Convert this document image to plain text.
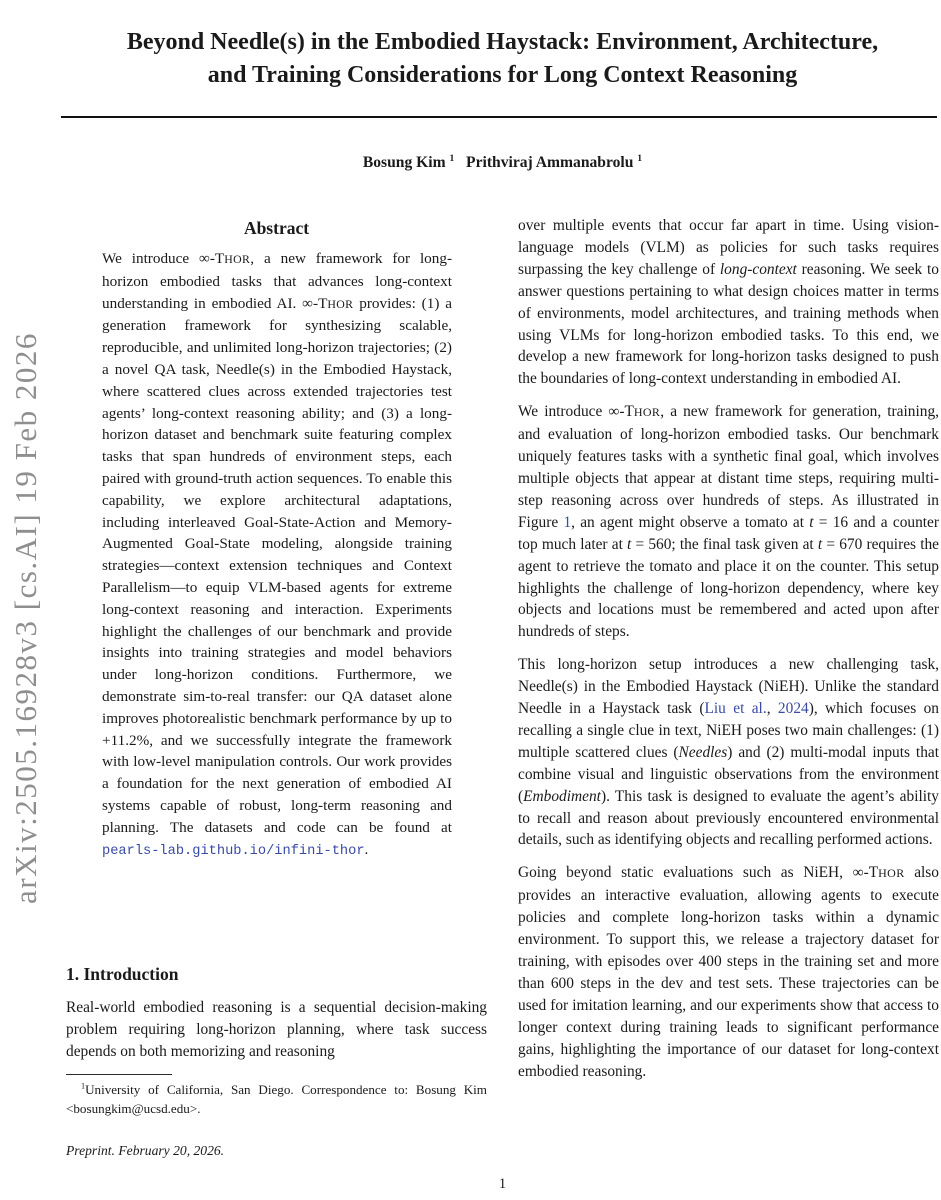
arXiv:2505.16928v3 [cs.AI] 19 Feb 2026
Beyond Needle(s) in the Embodied Haystack: Environment, Architecture,
and Training Considerations for Long Context Reasoning
Bosung Kim $^1$  Prithviraj Ammanabrolu $^1$
Abstract

We introduce ∞-THOR, a new framework for long-horizon embodied tasks that advances long-context understanding in embodied AI. ∞-THOR provides: (1) a generation framework for synthesizing scalable, reproducible, and unlimited long-horizon trajectories; (2) a novel QA task, Needle(s) in the Embodied Haystack, where scattered clues across extended trajectories test agents’ long-context reasoning ability; and (3) a long-horizon dataset and benchmark suite featuring complex tasks that span hundreds of environment steps, each paired with ground-truth action sequences. To enable this capability, we explore architectural adaptations, including interleaved Goal-State-Action and Memory-Augmented Goal-State modeling, alongside training strategies—context extension techniques and Context Parallelism—to equip VLM-based agents for extreme long-context reasoning and interaction. Experiments highlight the challenges of our benchmark and provide insights into training strategies and model behaviors under long-horizon conditions. Furthermore, we demonstrate sim-to-real transfer: our QA dataset alone improves photorealistic benchmark performance by up to +11.2%, and we successfully integrate the framework with low-level manipulation controls. Our work provides a foundation for the next generation of embodied AI systems capable of robust, long-term reasoning and planning. The datasets and code can be found at pearls-lab.github.io/infini-thor.

1. Introduction

Real-world embodied reasoning is a sequential decision-making problem requiring long-horizon planning, where task success depends on both memorizing and reasoning

$^1$University of California, San Diego. Correspondence to: Bosung Kim <bosungkim@ucsd.edu>.

Preprint. February 20, 2026.

over multiple events that occur far apart in time. Using vision-language models (VLM) as policies for such tasks requires surpassing the key challenge of long-context reasoning. We seek to answer questions pertaining to what design choices matter in terms of environments, model architectures, and training methods when using VLMs for long-horizon embodied tasks. To this end, we develop a new framework for long-horizon tasks designed to push the boundaries of long-context understanding in embodied AI.

We introduce ∞-THOR, a new framework for generation, training, and evaluation of long-horizon embodied tasks. Our benchmark uniquely features tasks with a synthetic final goal, which involves multiple objects that appear at distant time steps, requiring multi-step reasoning across over hundreds of steps. As illustrated in Figure 1, an agent might observe a tomato at t = 16 and a counter top much later at t = 560; the final task given at t = 670 requires the agent to retrieve the tomato and place it on the counter. This setup highlights the challenge of long-horizon dependency, where key objects and locations must be remembered and acted upon after hundreds of steps.

This long-horizon setup introduces a new challenging task, Needle(s) in the Embodied Haystack (NiEH). Unlike the standard Needle in a Haystack task (Liu et al., 2024), which focuses on recalling a single clue in text, NiEH poses two main challenges: (1) multiple scattered clues (Needles) and (2) multi-modal inputs that combine visual and linguistic observations from the environment (Embodiment). This task is designed to evaluate the agent’s ability to recall and reason about previously encountered environmental details, such as identifying objects and recalling performed actions.

Going beyond static evaluations such as NiEH, ∞-THOR also provides an interactive evaluation, allowing agents to execute policies and complete long-horizon tasks within a dynamic environment. To support this, we release a trajectory dataset for training, with episodes over 400 steps in the training set and more than 600 steps in the dev and test sets. These trajectories can be used for imitation learning, and our experiments show that access to longer context during training leads to significant performance gains, highlighting the importance of our dataset for long-context embodied reasoning.

1
